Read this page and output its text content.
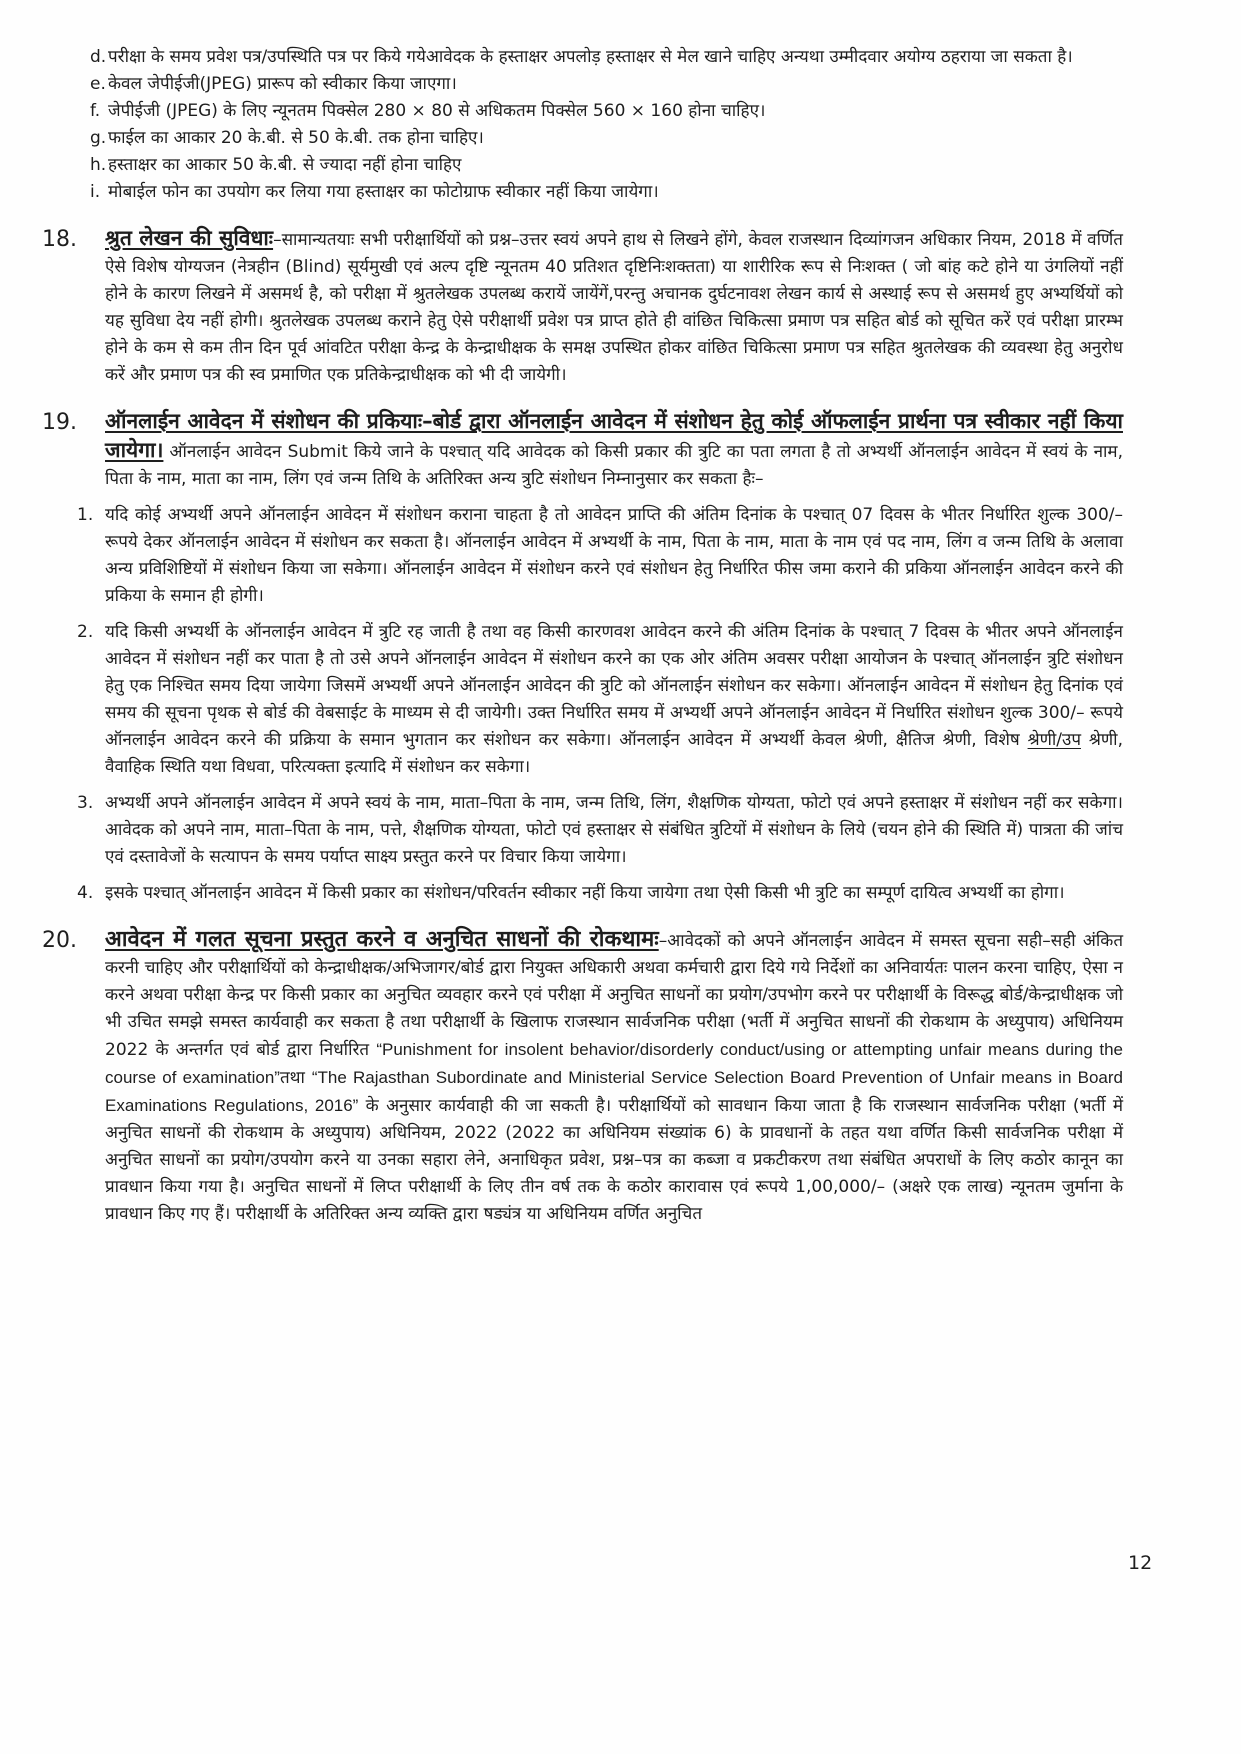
d. परीक्षा के समय प्रवेश पत्र/उपस्थिति पत्र पर किये गयेआवेदक के हस्ताक्षर अपलोड़ हस्ताक्षर से मेल खाने चाहिए अन्यथा उम्मीदवार अयोग्य ठहराया जा सकता है।
e. केवल जेपीईजी(JPEG) प्रारूप को स्वीकार किया जाएगा।
f. जेपीईजी (JPEG) के लिए न्यूनतम पिक्सेल 280 × 80 से अधिकतम पिक्सेल 560 × 160 होना चाहिए।
g. फाईल का आकार 20 के.बी. से 50 के.बी. तक होना चाहिए।
h. हस्ताक्षर का आकार 50 के.बी. से ज्यादा नहीं होना चाहिए
i. मोबाईल फोन का उपयोग कर लिया गया हस्ताक्षर का फोटोग्राफ स्वीकार नहीं किया जायेगा।
18.	श्रुत लेखन की सुविधाः–सामान्यतयाः सभी परीक्षार्थियों को प्रश्न–उत्तर स्वयं अपने हाथ से लिखने होंगे, केवल राजस्थान दिव्यांगजन अधिकार नियम, 2018 में वर्णित ऐसे विशेष योग्यजन (नेत्रहीन (Blind) सूर्यमुखी एवं अल्प दृष्टि न्यूनतम 40 प्रतिशत दृष्टिनिःशक्तता) या शारीरिक रूप से निःशक्त ( जो बांह कटे होने या उंगलियों नहीं होने के कारण लिखने में असमर्थ है, को परीक्षा में श्रुतलेखक उपलब्ध करायें जायेंगें,परन्तु अचानक दुर्घटनावश लेखन कार्य से अस्थाई रूप से असमर्थ हुए अभ्यर्थियों को यह सुविधा देय नहीं होगी। श्रुतलेखक उपलब्ध कराने हेतु ऐसे परीक्षार्थी प्रवेश पत्र प्राप्त होते ही वांछित चिकित्सा प्रमाण पत्र सहित बोर्ड को सूचित करें एवं परीक्षा प्रारम्भ होने के कम से कम तीन दिन पूर्व आंवटित परीक्षा केन्द्र के केन्द्राधीक्षक के समक्ष उपस्थित होकर वांछित चिकित्सा प्रमाण पत्र सहित श्रुतलेखक की व्यवस्था हेतु अनुरोध करें और प्रमाण पत्र की स्व प्रमाणित एक प्रतिकेन्द्राधीक्षक को भी दी जायेगी।

19.	ऑनलाईन आवेदन में संशोधन की प्रकियाः–बोर्ड द्वारा ऑनलाईन आवेदन में संशोधन हेतु कोई ऑफलाईन प्रार्थना पत्र स्वीकार नहीं किया जायेगा। ऑनलाईन आवेदन Submit किये जाने के पश्चात् यदि आवेदक को किसी प्रकार की त्रुटि का पता लगता है तो अभ्यर्थी ऑनलाईन आवेदन में स्वयं के नाम, पिता के नाम, माता का नाम, लिंग एवं जन्म तिथि के अतिरिक्त अन्य त्रुटि संशोधन निम्नानुसार कर सकता हैः–

1. यदि कोई अभ्यर्थी अपने ऑनलाईन आवेदन में संशोधन कराना चाहता है तो आवेदन प्राप्ति की अंतिम दिनांक के पश्चात् 07 दिवस के भीतर निर्धारित शुल्क 300/– रूपये देकर ऑनलाईन आवेदन में संशोधन कर सकता है। ऑनलाईन आवेदन में अभ्यर्थी के नाम, पिता के नाम, माता के नाम एवं पद नाम, लिंग व जन्म तिथि के अलावा अन्य प्रविशिष्टियों में संशोधन किया जा सकेगा। ऑनलाईन आवेदन में संशोधन करने एवं संशोधन हेतु निर्धारित फीस जमा कराने की प्रकिया ऑनलाईन आवेदन करने की प्रकिया के समान ही होगी।
2. यदि किसी अभ्यर्थी के ऑनलाईन आवेदन में त्रुटि रह जाती है तथा वह किसी कारणवश आवेदन करने की अंतिम दिनांक के पश्चात् 7 दिवस के भीतर अपने ऑनलाईन आवेदन में संशोधन नहीं कर पाता है तो उसे अपने ऑनलाईन आवेदन में संशोधन करने का एक ओर अंतिम अवसर परीक्षा आयोजन के पश्चात् ऑनलाईन त्रुटि संशोधन हेतु एक निश्चित समय दिया जायेगा जिसमें अभ्यर्थी अपने ऑनलाईन आवेदन की त्रुटि को ऑनलाईन संशोधन कर सकेगा। ऑनलाईन आवेदन में संशोधन हेतु दिनांक एवं समय की सूचना पृथक से बोर्ड की वेबसाईट के माध्यम से दी जायेगी। उक्त निर्धारित समय में अभ्यर्थी अपने ऑनलाईन आवेदन में निर्धारित संशोधन शुल्क 300/– रूपये ऑनलाईन आवेदन करने की प्रक्रिया के समान भुगतान कर संशोधन कर सकेगा। ऑनलाईन आवेदन में अभ्यर्थी केवल श्रेणी, क्षैतिज श्रेणी, विशेष श्रेणी/उप श्रेणी, वैवाहिक स्थिति यथा विधवा, परित्यक्ता इत्यादि में संशोधन कर सकेगा।
3. अभ्यर्थी अपने ऑनलाईन आवेदन में अपने स्वयं के नाम, माता–पिता के नाम, जन्म तिथि, लिंग, शैक्षणिक योग्यता, फोटो एवं अपने हस्ताक्षर में संशोधन नहीं कर सकेगा। आवेदक को अपने नाम, माता–पिता के नाम, पत्ते, शैक्षणिक योग्यता, फोटो एवं हस्ताक्षर से संबंधित त्रुटियों में संशोधन के लिये (चयन होने की स्थिति में) पात्रता की जांच एवं दस्तावेजों के सत्यापन के समय पर्याप्त साक्ष्य प्रस्तुत करने पर विचार किया जायेगा।
4. इसके पश्चात् ऑनलाईन आवेदन में किसी प्रकार का संशोधन/परिवर्तन स्वीकार नहीं किया जायेगा तथा ऐसी किसी भी त्रुटि का सम्पूर्ण दायित्व अभ्यर्थी का होगा।
20.	आवेदन में गलत सूचना प्रस्तुत करने व अनुचित साधनों की रोकथामः–आवेदकों को अपने ऑनलाईन आवेदन में समस्त सूचना सही–सही अंकित करनी चाहिए और परीक्षार्थियों को केन्द्राधीक्षक/अभिजागर/बोर्ड द्वारा नियुक्त अधिकारी अथवा कर्मचारी द्वारा दिये गये निर्देशों का अनिवार्यतः पालन करना चाहिए, ऐसा न करने अथवा परीक्षा केन्द्र पर किसी प्रकार का अनुचित व्यवहार करने एवं परीक्षा में अनुचित साधनों का प्रयोग/उपभोग करने पर परीक्षार्थी के विरूद्ध बोर्ड/केन्द्राधीक्षक जो भी उचित समझे समस्त कार्यवाही कर सकता है तथा परीक्षार्थी के खिलाफ राजस्थान सार्वजनिक परीक्षा (भर्ती में अनुचित साधनों की रोकथाम के अध्युपाय) अधिनियम 2022 के अन्तर्गत एवं बोर्ड द्वारा निर्धारित “Punishment for insolent behavior/disorderly conduct/using or attempting unfair means during the course of examination”तथा “The Rajasthan Subordinate and Ministerial Service Selection Board Prevention of Unfair means in Board Examinations Regulations, 2016” के अनुसार कार्यवाही की जा सकती है। परीक्षार्थियों को सावधान किया जाता है कि राजस्थान सार्वजनिक परीक्षा (भर्ती में अनुचित साधनों की रोकथाम के अध्युपाय) अधिनियम, 2022 (2022 का अधिनियम संख्यांक 6) के प्रावधानों के तहत यथा वर्णित किसी सार्वजनिक परीक्षा में अनुचित साधनों का प्रयोग/उपयोग करने या उनका सहारा लेने, अनाधिकृत प्रवेश, प्रश्न–पत्र का कब्जा व प्रकटीकरण तथा संबंधित अपराधों के लिए कठोर कानून का प्रावधान किया गया है। अनुचित साधनों में लिप्त परीक्षार्थी के लिए तीन वर्ष तक के कठोर कारावास एवं रूपये 1,00,000/– (अक्षरे एक लाख) न्यूनतम जुर्माना के प्रावधान किए गए हैं। परीक्षार्थी के अतिरिक्त अन्य व्यक्ति द्वारा षड्यंत्र या अधिनियम वर्णित अनुचित

12
